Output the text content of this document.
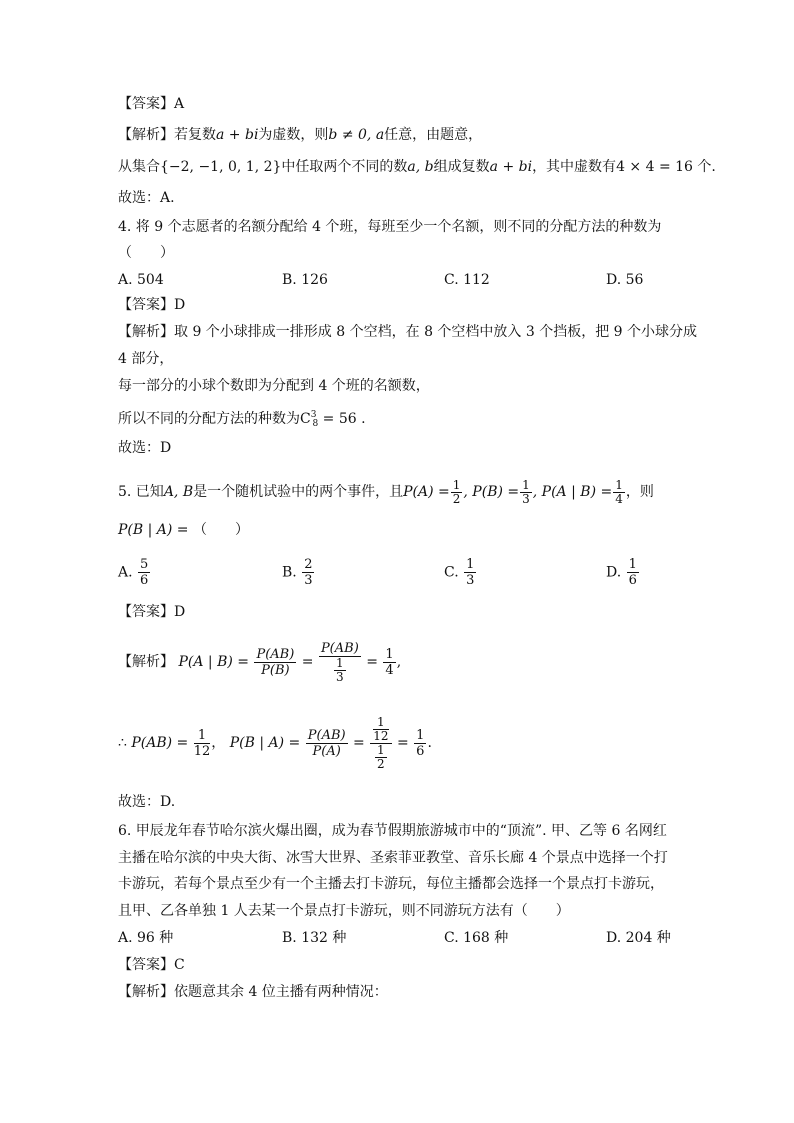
【答案】A
【解析】若复数a + bi为虚数，则b ≠ 0, a任意，由题意，
从集合{−2, −1, 0, 1, 2}中任取两个不同的数a, b组成复数a + bi，其中虚数有4 × 4 = 16 个.
故选：A.
4. 将 9 个志愿者的名额分配给 4 个班，每班至少一个名额，则不同的分配方法的种数为
（　　）
A. 504	B. 126	C. 112	D. 56
【答案】D
【解析】取 9 个小球排成一排形成 8 个空档，在 8 个空档中放入 3 个挡板，把 9 个小球分成
4 部分，
每一部分的小球个数即为分配到 4 个班的名额数，
所以不同的分配方法的种数为$C^3_8 = 56$ .
故选：D
5. 已知A, B是一个随机试验中的两个事件，且$P(A) = \frac{1}{2}$ , $P(B) = \frac{1}{3}$ , P(A | $B) = \frac{1}{4}$ ，则
P(B | A) = （　　）
A. $\frac{5}{6}$	B. $\frac{2}{3}$	C. $\frac{1}{3}$	D. $\frac{1}{6}$
【答案】D
【解析】 P(A | $B) = \frac{P(AB)}{P(B)} = \frac{P(AB)}{\frac{1}{3}} = \frac{1}{4}$ ,
∴ $P(AB) = \frac{1}{12}$ ， P(B | $A) = \frac{P(AB)}{P(A)} = \frac{\frac{1}{12}}{\frac{1}{2}} = \frac{1}{6}$ .
故选：D.
6. 甲辰龙年春节哈尔滨火爆出圈，成为春节假期旅游城市中的“顶流”. 甲、乙等 6 名网红
主播在哈尔滨的中央大街、冰雪大世界、圣索菲亚教堂、音乐长廊 4 个景点中选择一个打
卡游玩，若每个景点至少有一个主播去打卡游玩，每位主播都会选择一个景点打卡游玩，
且甲、乙各单独 1 人去某一个景点打卡游玩，则不同游玩方法有（　　）
A. 96 种	B. 132 种	C. 168 种	D. 204 种
【答案】C
【解析】依题意其余 4 位主播有两种情况：
